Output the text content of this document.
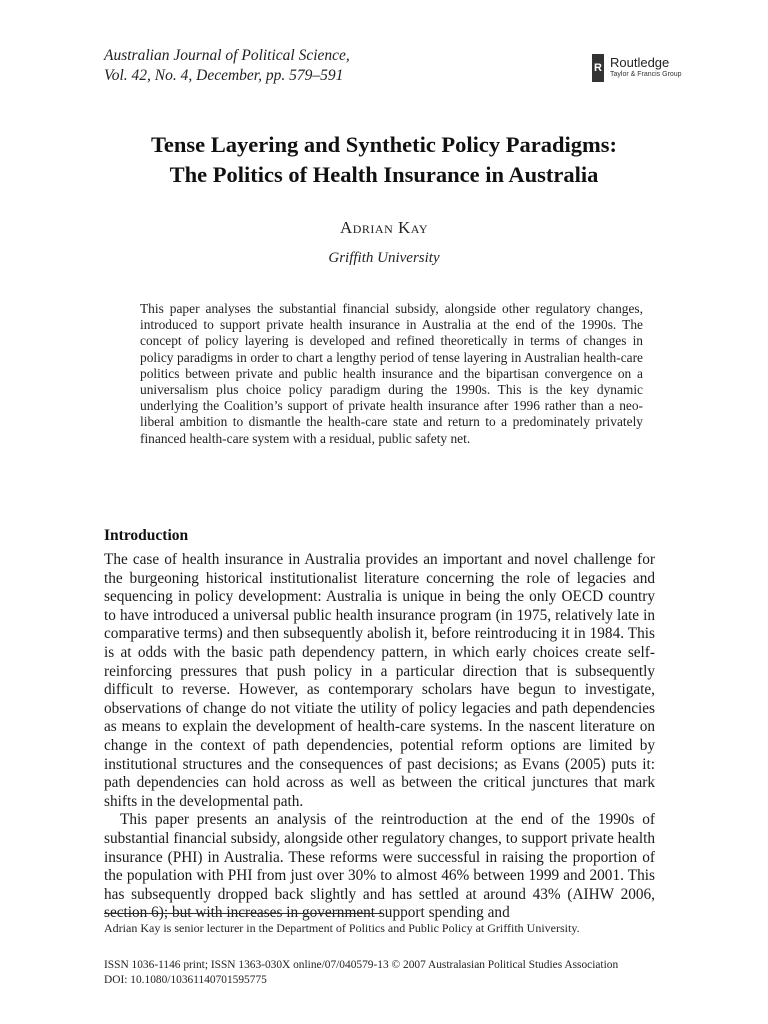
Australian Journal of Political Science,
Vol. 42, No. 4, December, pp. 579–591	R Routledge
Taylor & Francis Group
Tense Layering and Synthetic Policy Paradigms:
The Politics of Health Insurance in Australia
Adrian Kay
Griffith University
This paper analyses the substantial financial subsidy, alongside other regulatory changes, introduced to support private health insurance in Australia at the end of the 1990s. The concept of policy layering is developed and refined theoretically in terms of changes in policy paradigms in order to chart a lengthy period of tense layering in Australian health-care politics between private and public health insurance and the bipartisan convergence on a universalism plus choice policy paradigm during the 1990s. This is the key dynamic underlying the Coalition’s support of private health insurance after 1996 rather than a neo-liberal ambition to dismantle the health-care state and return to a predominately privately financed health-care system with a residual, public safety net.
Introduction

The case of health insurance in Australia provides an important and novel challenge for the burgeoning historical institutionalist literature concerning the role of legacies and sequencing in policy development: Australia is unique in being the only OECD country to have introduced a universal public health insurance program (in 1975, relatively late in comparative terms) and then subsequently abolish it, before reintroducing it in 1984. This is at odds with the basic path dependency pattern, in which early choices create self-reinforcing pressures that push policy in a particular direction that is subsequently difficult to reverse. However, as contemporary scholars have begun to investigate, observations of change do not vitiate the utility of policy legacies and path dependencies as means to explain the development of health-care systems. In the nascent literature on change in the context of path dependencies, potential reform options are limited by institutional structures and the consequences of past decisions; as Evans (2005) puts it: path dependencies can hold across as well as between the critical junctures that mark shifts in the developmental path.

This paper presents an analysis of the reintroduction at the end of the 1990s of substantial financial subsidy, alongside other regulatory changes, to support private health insurance (PHI) in Australia. These reforms were successful in raising the proportion of the population with PHI from just over 30% to almost 46% between 1999 and 2001. This has subsequently dropped back slightly and has settled at around 43% (AIHW 2006, section 6); but with increases in government support spending and

Adrian Kay is senior lecturer in the Department of Politics and Public Policy at Griffith University.
ISSN 1036-1146 print; ISSN 1363-030X online/07/040579-13 © 2007 Australasian Political Studies Association
DOI: 10.1080/10361140701595775
